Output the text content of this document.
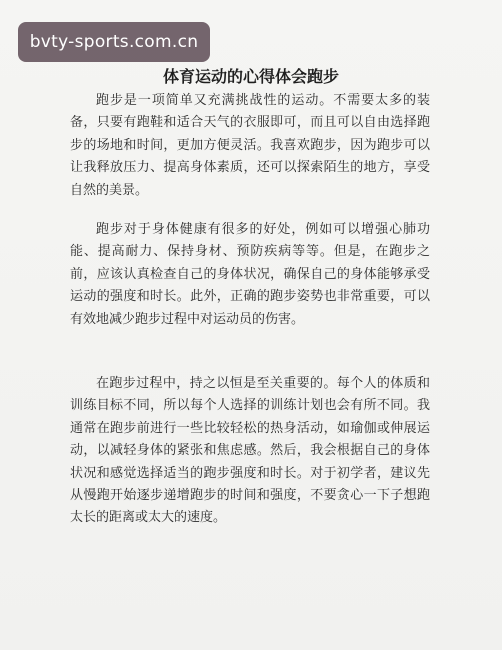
bvty-sports.com.cn
体育运动的心得体会跑步

跑步是一项简单又充满挑战性的运动。不需要太多的装备，只要有跑鞋和适合天气的衣服即可，而且可以自由选择跑步的场地和时间，更加方便灵活。我喜欢跑步，因为跑步可以让我释放压力、提高身体素质，还可以探索陌生的地方，享受自然的美景。

跑步对于身体健康有很多的好处，例如可以增强心肺功能、提高耐力、保持身材、预防疾病等等。但是，在跑步之前，应该认真检查自己的身体状况，确保自己的身体能够承受运动的强度和时长。此外，正确的跑步姿势也非常重要，可以有效地减少跑步过程中对运动员的伤害。

在跑步过程中，持之以恒是至关重要的。每个人的体质和训练目标不同，所以每个人选择的训练计划也会有所不同。我通常在跑步前进行一些比较轻松的热身活动，如瑜伽或伸展运动，以减轻身体的紧张和焦虑感。然后，我会根据自己的身体状况和感觉选择适当的跑步强度和时长。对于初学者，建议先从慢跑开始逐步递增跑步的时间和强度，不要贪心一下子想跑太长的距离或太大的速度。
